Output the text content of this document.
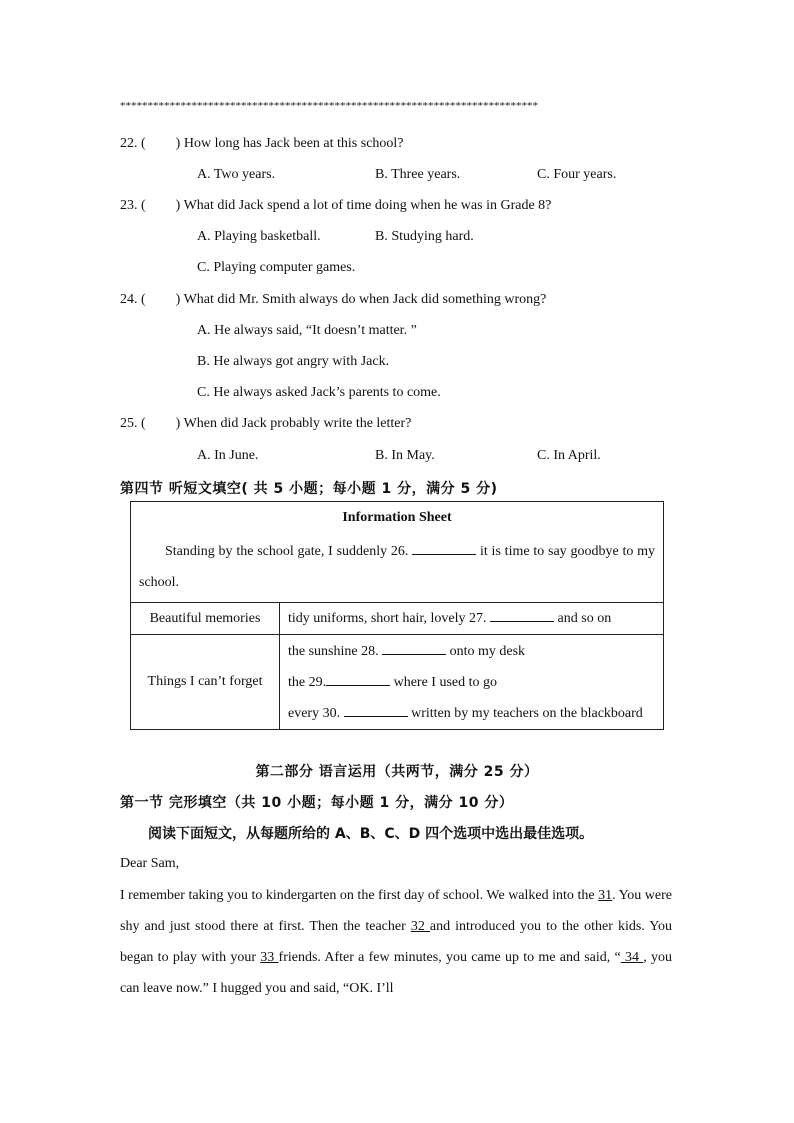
****************************************************************************
22. ( ) How long has Jack been at this school?
A. Two years.	B. Three years.	C. Four years.
23. ( ) What did Jack spend a lot of time doing when he was in Grade 8?
A. Playing basketball.	B. Studying hard.
C. Playing computer games.
24. ( ) What did Mr. Smith always do when Jack did something wrong?
A. He always said, “It doesn’t matter. ”
B. He always got angry with Jack.
C. He always asked Jack’s parents to come.
25. ( ) When did Jack probably write the letter?
A. In June.	B. In May.	C. In April.
第四节 听短文填空( 共 5 小题；每小题 1 分，满分 5 分)
Information Sheet
Standing by the school gate, I suddenly 26. it is time to say goodbye to my school.	

Beautiful memories	tidy uniforms, short hair, lovely 27. and so on
Things I can’t forget	the sunshine 28. onto my desk
the 29. where I used to go
every 30. written by my teachers on the blackboard
第二部分 语言运用（共两节，满分 25 分）
第一节 完形填空（共 10 小题；每小题 1 分，满分 10 分）
阅读下面短文，从每题所给的 A、B、C、D 四个选项中选出最佳选项。
Dear Sam,
I remember taking you to kindergarten on the first day of school. We walked into the 31. You were shy and just stood there at first. Then the teacher 32 and introduced you to the other kids. You began to play with your 33 friends. After a few minutes, you came up to me and said, “ 34 , you can leave now.” I hugged you and said, “OK. I’ll
